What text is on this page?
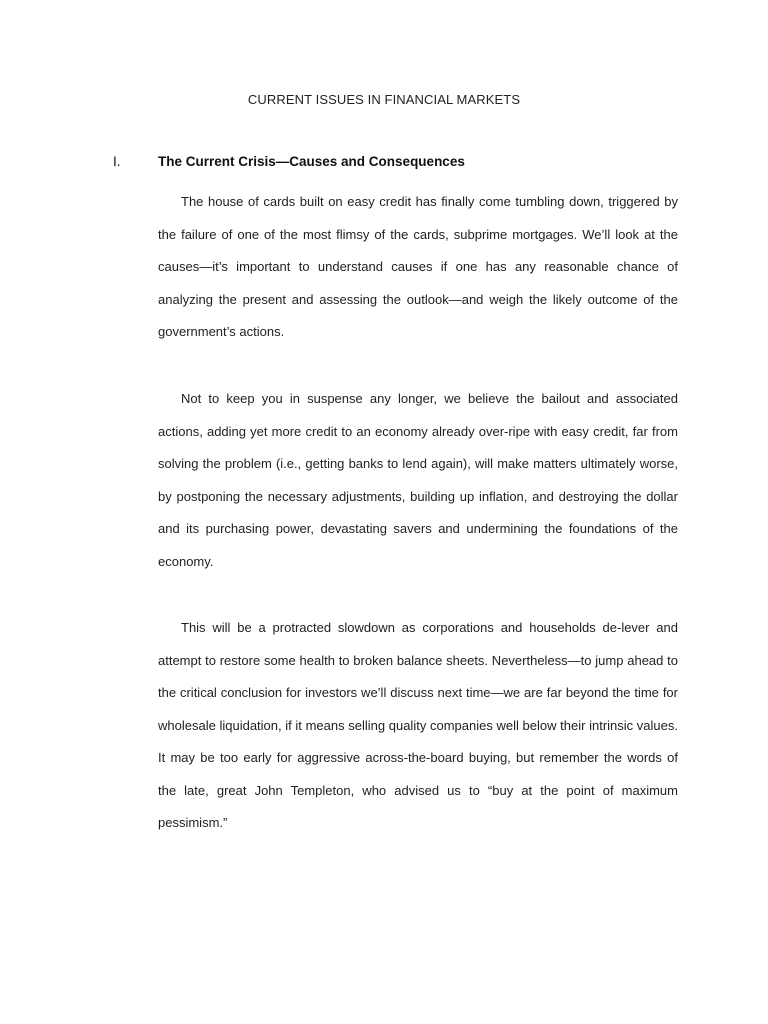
CURRENT ISSUES IN FINANCIAL MARKETS
I.	The Current Crisis—Causes and Consequences

The house of cards built on easy credit has finally come tumbling down, triggered by the failure of one of the most flimsy of the cards, subprime mortgages. We’ll look at the causes—it’s important to understand causes if one has any reasonable chance of analyzing the present and assessing the outlook—and weigh the likely outcome of the government’s actions.

Not to keep you in suspense any longer, we believe the bailout and associated actions, adding yet more credit to an economy already over-ripe with easy credit, far from solving the problem (i.e., getting banks to lend again), will make matters ultimately worse, by postponing the necessary adjustments, building up inflation, and destroying the dollar and its purchasing power, devastating savers and undermining the foundations of the economy.

This will be a protracted slowdown as corporations and households de-lever and attempt to restore some health to broken balance sheets. Nevertheless—to jump ahead to the critical conclusion for investors we’ll discuss next time—we are far beyond the time for wholesale liquidation, if it means selling quality companies well below their intrinsic values. It may be too early for aggressive across-the-board buying, but remember the words of the late, great John Templeton, who advised us to “buy at the point of maximum pessimism.”
